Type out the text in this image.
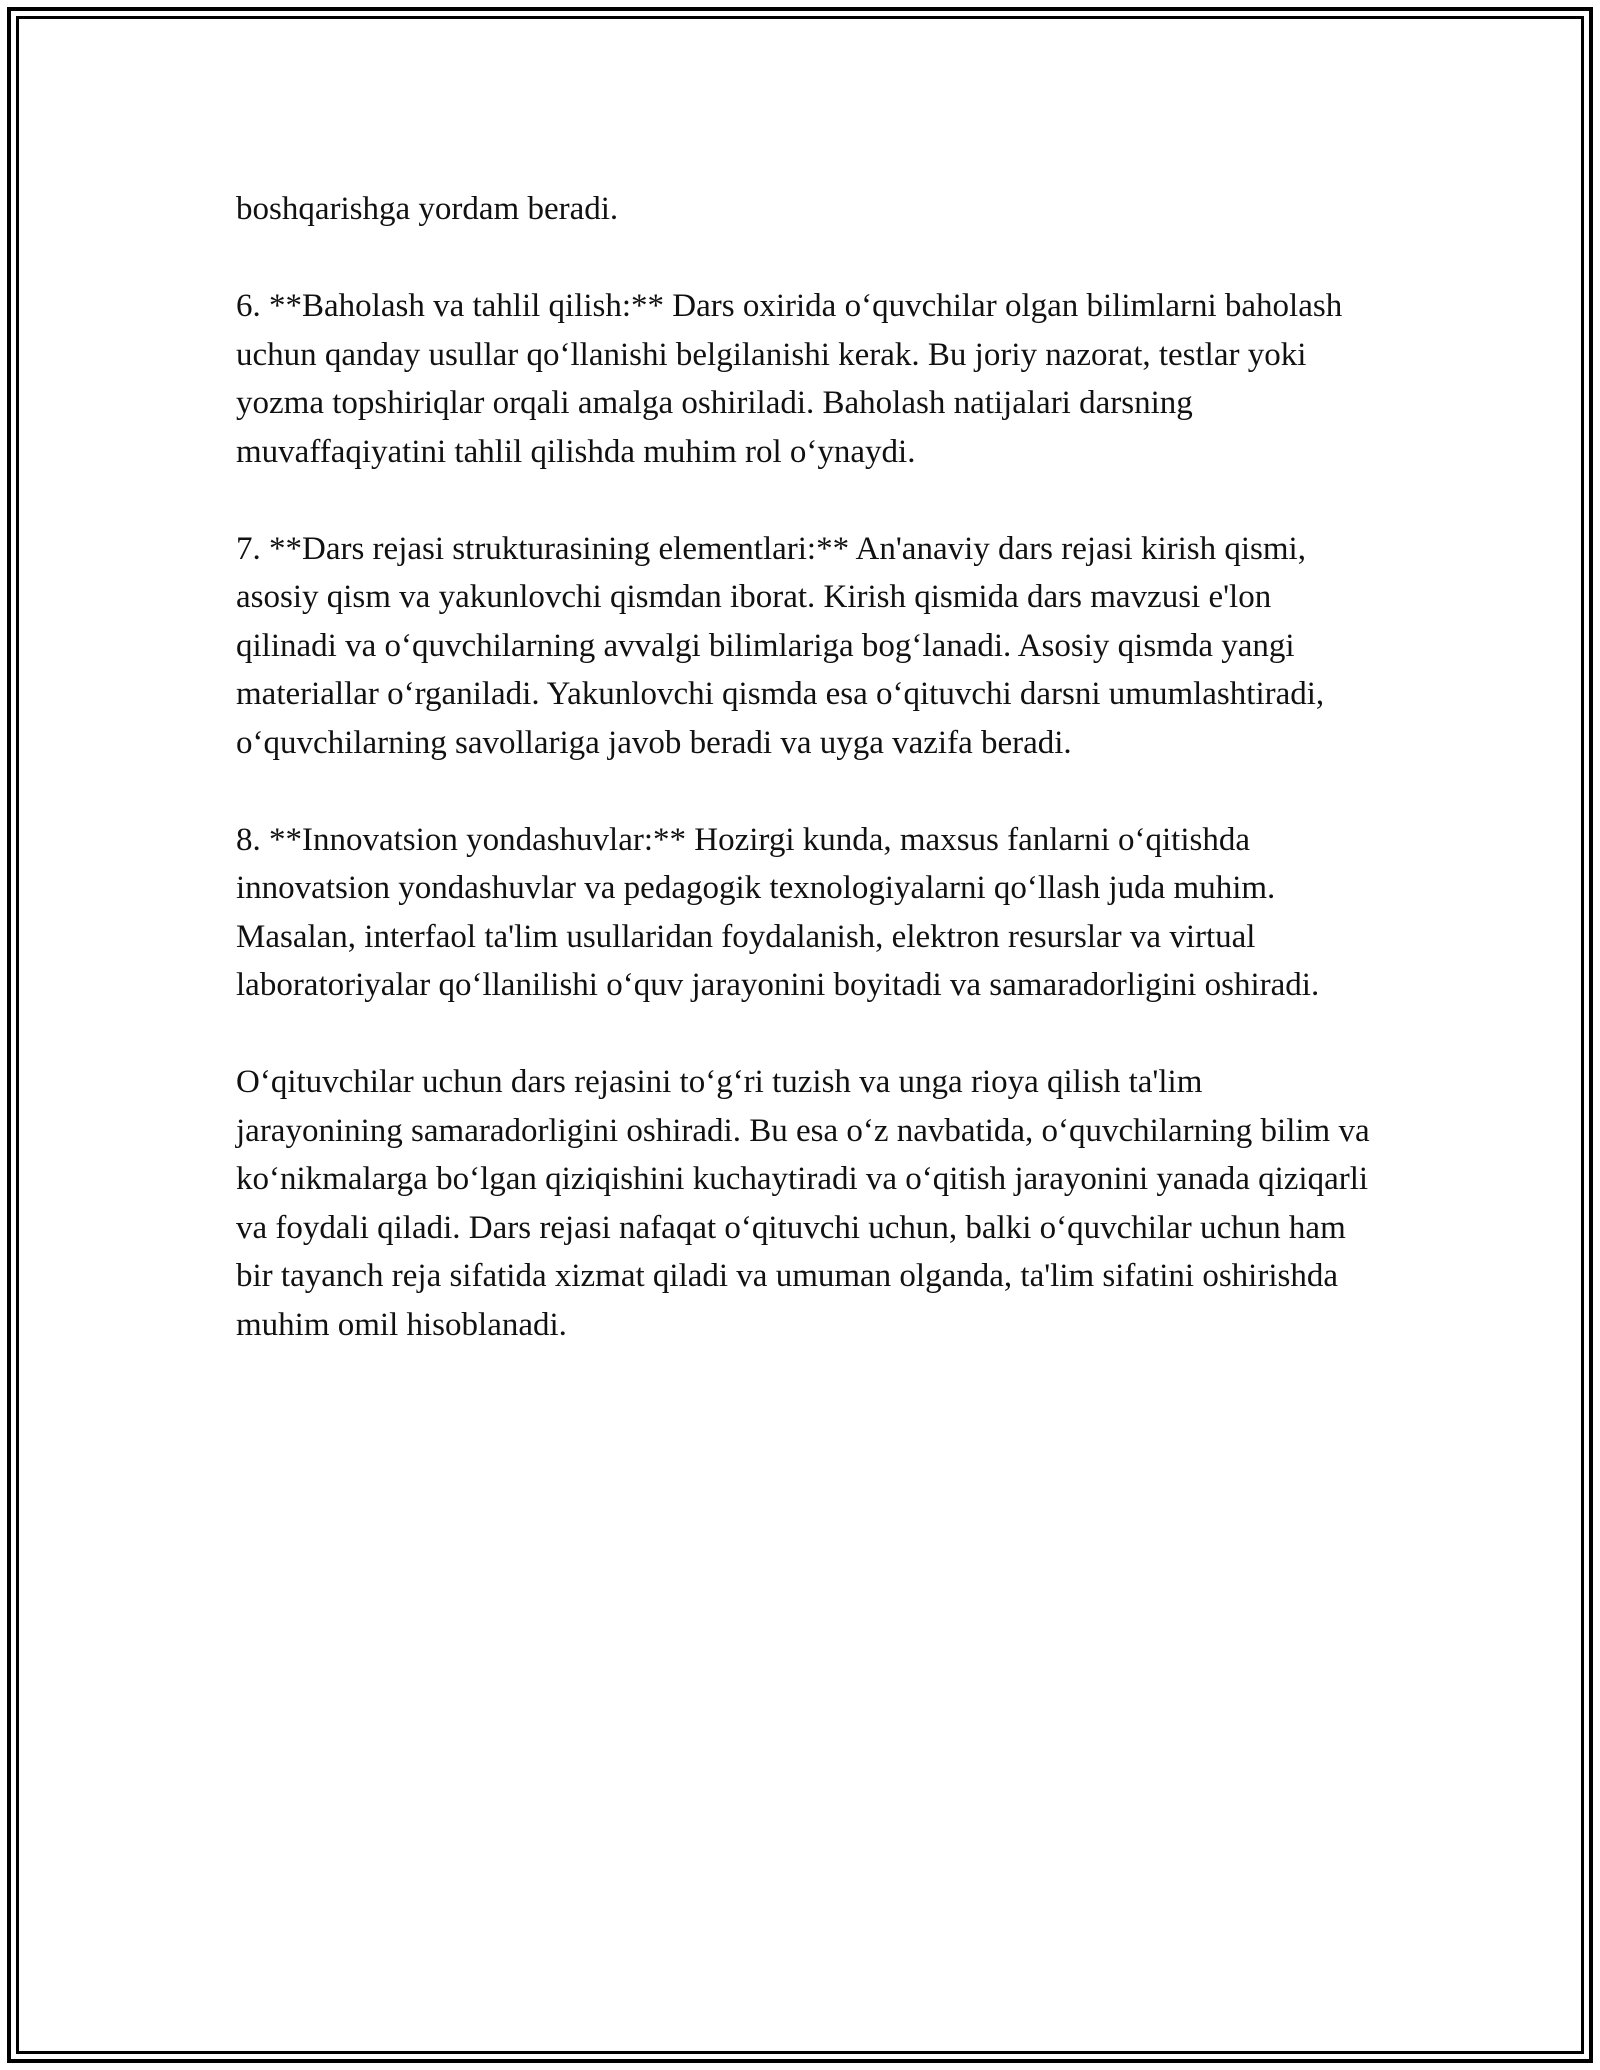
boshqarishga yordam beradi.

6. **Baholash va tahlil qilish:** Dars oxirida o‘quvchilar olgan bilimlarni baholash uchun qanday usullar qo‘llanishi belgilanishi kerak. Bu joriy nazorat, testlar yoki yozma topshiriqlar orqali amalga oshiriladi. Baholash natijalari darsning muvaffaqiyatini tahlil qilishda muhim rol o‘ynaydi.

7. **Dars rejasi strukturasining elementlari:** An'anaviy dars rejasi kirish qismi, asosiy qism va yakunlovchi qismdan iborat. Kirish qismida dars mavzusi e'lon qilinadi va o‘quvchilarning avvalgi bilimlariga bog‘lanadi. Asosiy qismda yangi materiallar o‘rganiladi. Yakunlovchi qismda esa o‘qituvchi darsni umumlashtiradi, o‘quvchilarning savollariga javob beradi va uyga vazifa beradi.

8. **Innovatsion yondashuvlar:** Hozirgi kunda, maxsus fanlarni o‘qitishda innovatsion yondashuvlar va pedagogik texnologiyalarni qo‘llash juda muhim. Masalan, interfaol ta'lim usullaridan foydalanish, elektron resurslar va virtual laboratoriyalar qo‘llanilishi o‘quv jarayonini boyitadi va samaradorligini oshiradi.

O‘qituvchilar uchun dars rejasini to‘g‘ri tuzish va unga rioya qilish ta'lim jarayonining samaradorligini oshiradi. Bu esa o‘z navbatida, o‘quvchilarning bilim va ko‘nikmalarga bo‘lgan qiziqishini kuchaytiradi va o‘qitish jarayonini yanada qiziqarli va foydali qiladi. Dars rejasi nafaqat o‘qituvchi uchun, balki o‘quvchilar uchun ham bir tayanch reja sifatida xizmat qiladi va umuman olganda, ta'lim sifatini oshirishda muhim omil hisoblanadi.
